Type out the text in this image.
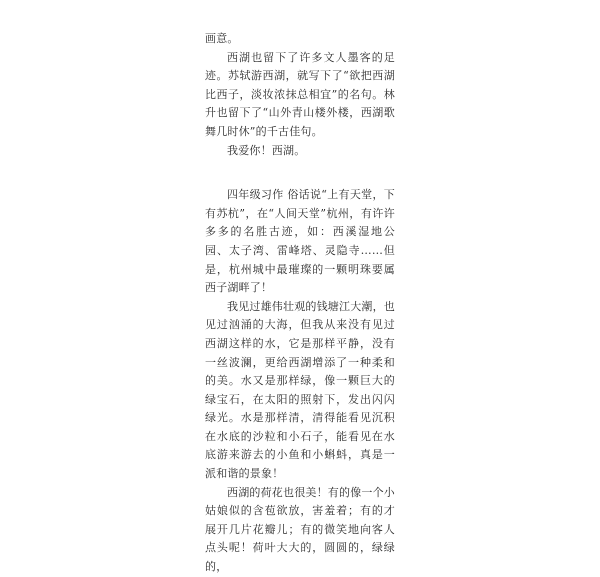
画意。

西湖也留下了许多文人墨客的足迹。苏轼游西湖，就写下了“欲把西湖比西子，淡妆浓抹总相宜”的名句。林升也留下了“山外青山楼外楼，西湖歌舞几时休”的千古佳句。

我爱你！西湖。

四年级习作 俗话说“上有天堂，下有苏杭”，在“人间天堂”杭州，有许许多多的名胜古迹，如：西溪湿地公园、太子湾、雷峰塔、灵隐寺……但是，杭州城中最璀璨的一颗明珠要属西子湖畔了！

我见过雄伟壮观的钱塘江大潮，也见过汹涌的大海，但我从来没有见过西湖这样的水，它是那样平静，没有一丝波澜，更给西湖增添了一种柔和的美。水又是那样绿，像一颗巨大的绿宝石，在太阳的照射下，发出闪闪绿光。水是那样清，清得能看见沉积在水底的沙粒和小石子，能看见在水底游来游去的小鱼和小蝌蚪，真是一派和谐的景象！

西湖的荷花也很美！有的像一个小姑娘似的含苞欲放，害羞着；有的才展开几片花瓣儿；有的微笑地向客人点头呢！荷叶大大的，圆圆的，绿绿的，
